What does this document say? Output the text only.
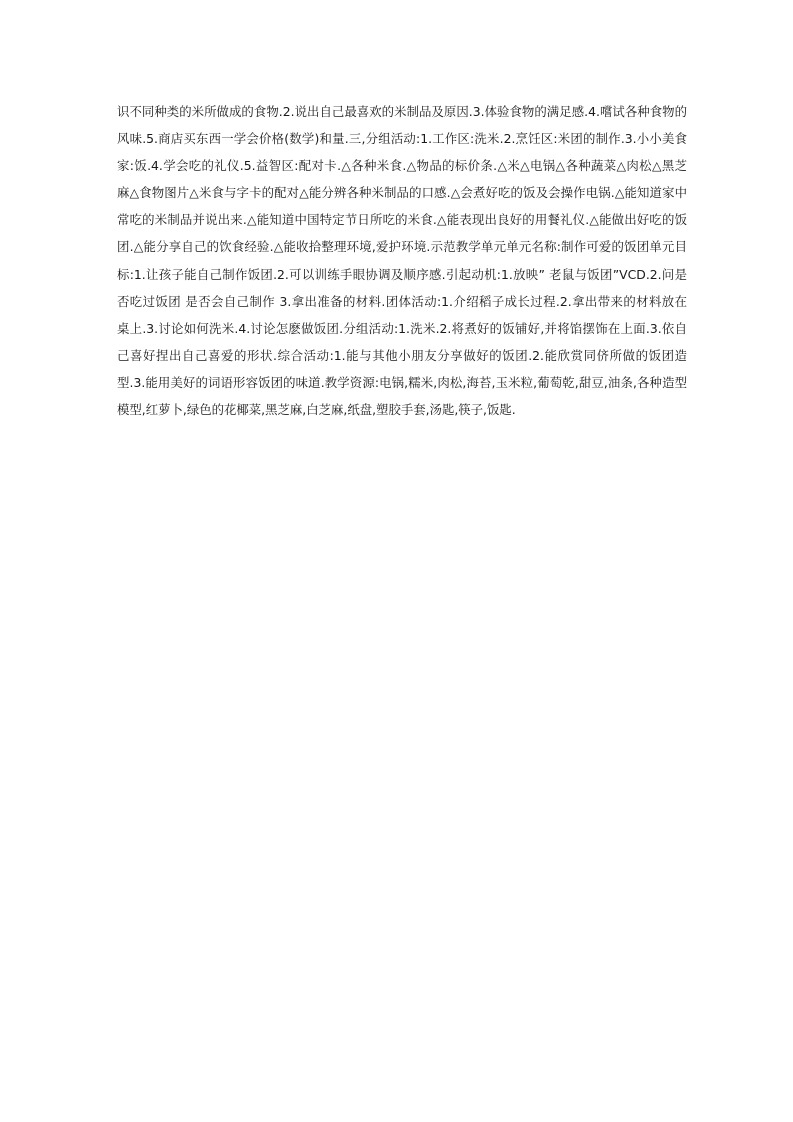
识不同种类的米所做成的食物.2.说出自己最喜欢的米制品及原因.3.体验食物的满足感.4.嚐试各种食物的
风味.5.商店买东西一学会价格(数学)和量.三,分组活动:1.工作区:洗米.2.烹饪区:米团的制作.3.小小美食
家:饭.4.学会吃的礼仪.5.益智区:配对卡.△各种米食.△物品的标价条.△米△电锅△各种蔬菜△肉松△黑芝
麻△食物图片△米食与字卡的配对△能分辨各种米制品的口感.△会煮好吃的饭及会操作电锅.△能知道家中
常吃的米制品并说出来.△能知道中国特定节日所吃的米食.△能表现出良好的用餐礼仪.△能做出好吃的饭
团.△能分享自己的饮食经验.△能收拾整理环境,爱护环境.示范教学单元单元名称:制作可爱的饭团单元目
标:1.让孩子能自己制作饭团.2.可以训练手眼协调及顺序感.引起动机:1.放映” 老鼠与饭团”VCD.2.问是
否吃过饭团 是否会自己制作 3.拿出准备的材料.团体活动:1.介绍稻子成长过程.2.拿出带来的材料放在
桌上.3.讨论如何洗米.4.讨论怎麽做饭团.分组活动:1.洗米.2.将煮好的饭铺好,并将馅摆饰在上面.3.依自
己喜好捏出自己喜爱的形状.综合活动:1.能与其他小朋友分享做好的饭团.2.能欣赏同侪所做的饭团造
型.3.能用美好的词语形容饭团的味道.教学资源:电锅,糯米,肉松,海苔,玉米粒,葡萄乾,甜豆,油条,各种造型
模型,红萝卜,绿色的花椰菜,黑芝麻,白芝麻,纸盘,塑胶手套,汤匙,筷子,饭匙.
